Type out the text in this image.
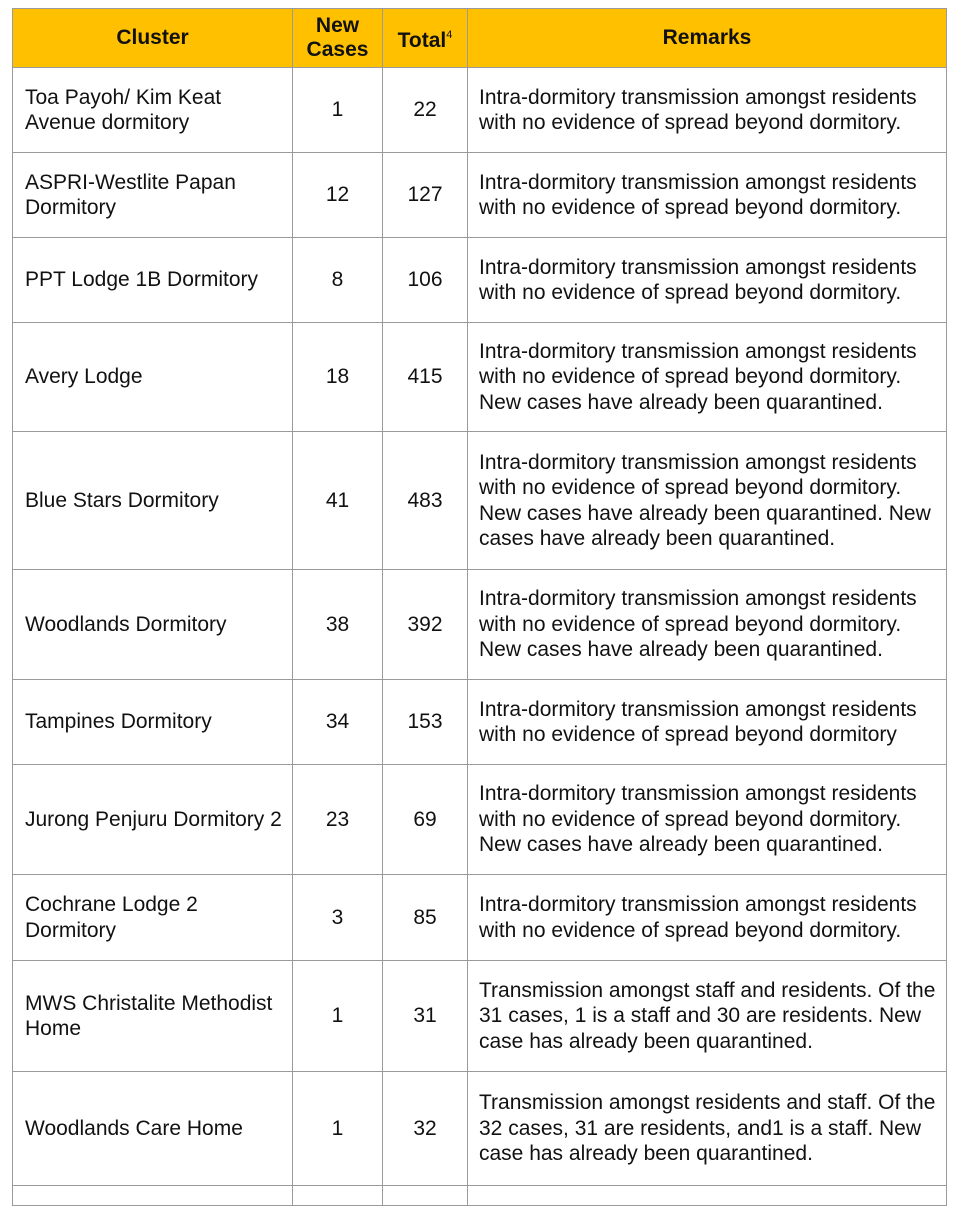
Cluster	New Cases	Total$^4$	Remarks
Toa Payoh/ Kim Keat Avenue dormitory	1	22	Intra-dormitory transmission amongst residents with no evidence of spread beyond dormitory.
ASPRI-Westlite Papan Dormitory	12	127	Intra-dormitory transmission amongst residents with no evidence of spread beyond dormitory.
PPT Lodge 1B Dormitory	8	106	Intra-dormitory transmission amongst residents with no evidence of spread beyond dormitory.
Avery Lodge	18	415	Intra-dormitory transmission amongst residents with no evidence of spread beyond dormitory. New cases have already been quarantined.
Blue Stars Dormitory	41	483	Intra-dormitory transmission amongst residents with no evidence of spread beyond dormitory. New cases have already been quarantined. New cases have already been quarantined.
Woodlands Dormitory	38	392	Intra-dormitory transmission amongst residents with no evidence of spread beyond dormitory. New cases have already been quarantined.
Tampines Dormitory	34	153	Intra-dormitory transmission amongst residents with no evidence of spread beyond dormitory
Jurong Penjuru Dormitory 2	23	69	Intra-dormitory transmission amongst residents with no evidence of spread beyond dormitory. New cases have already been quarantined.
Cochrane Lodge 2 Dormitory	3	85	Intra-dormitory transmission amongst residents with no evidence of spread beyond dormitory.
MWS Christalite Methodist Home	1	31	Transmission amongst staff and residents. Of the 31 cases, 1 is a staff and 30 are residents. New case has already been quarantined.
Woodlands Care Home	1	32	Transmission amongst residents and staff. Of the 32 cases, 31 are residents, and1 is a staff. New case has already been quarantined.
